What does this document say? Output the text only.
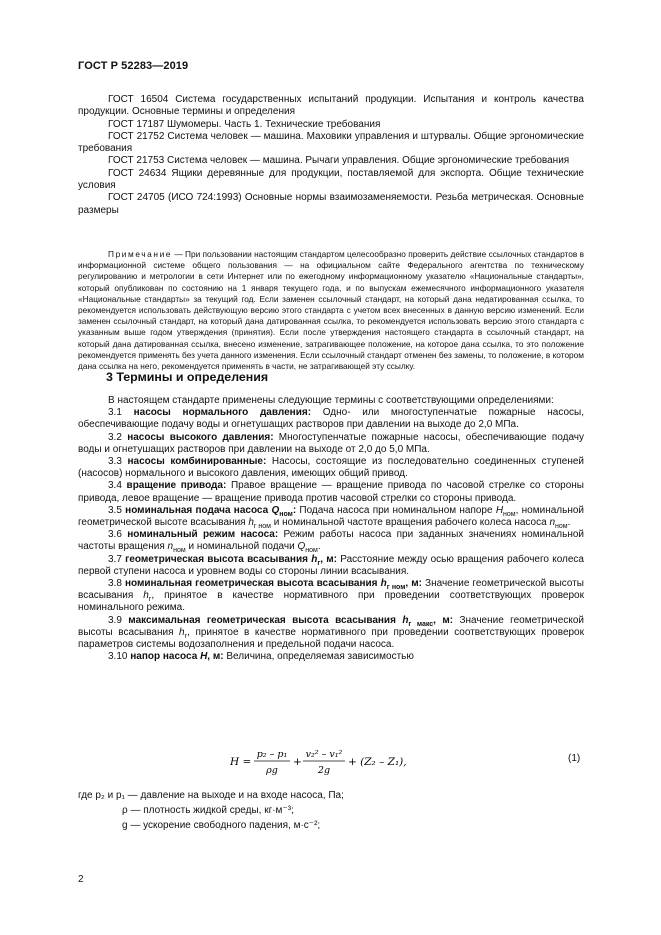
ГОСТ Р 52283—2019
ГОСТ 16504 Система государственных испытаний продукции. Испытания и контроль качества продукции. Основные термины и определения
ГОСТ 17187 Шумомеры. Часть 1. Технические требования
ГОСТ 21752 Система человек — машина. Маховики управления и штурвалы. Общие эргономические требования
ГОСТ 21753 Система человек — машина. Рычаги управления. Общие эргономические требования
ГОСТ 24634 Ящики деревянные для продукции, поставляемой для экспорта. Общие технические условия
ГОСТ 24705 (ИСО 724:1993) Основные нормы взаимозаменяемости. Резьба метрическая. Основные размеры
Примечание — При пользовании настоящим стандартом целесообразно проверить действие ссылочных стандартов в информационной системе общего пользования — на официальном сайте Федерального агентства по техническому регулированию и метрологии в сети Интернет или по ежегодному информационному указателю «Национальные стандарты», который опубликован по состоянию на 1 января текущего года, и по выпускам ежемесячного информационного указателя «Национальные стандарты» за текущий год. Если заменен ссылочный стандарт, на который дана недатированная ссылка, то рекомендуется использовать действующую версию этого стандарта с учетом всех внесенных в данную версию изменений. Если заменен ссылочный стандарт, на который дана датированная ссылка, то рекомендуется использовать версию этого стандарта с указанным выше годом утверждения (принятия). Если после утверждения настоящего стандарта в ссылочный стандарт, на который дана датированная ссылка, внесено изменение, затрагивающее положение, на которое дана ссылка, то это положение рекомендуется применять без учета данного изменения. Если ссылочный стандарт отменен без замены, то положение, в котором дана ссылка на него, рекомендуется применять в части, не затрагивающей эту ссылку.
3 Термины и определения
В настоящем стандарте применены следующие термины с соответствующими определениями:
3.1 насосы нормального давления: Одно- или многоступенчатые пожарные насосы, обеспечивающие подачу воды и огнетушащих растворов при давлении на выходе до 2,0 МПа.
3.2 насосы высокого давления: Многоступенчатые пожарные насосы, обеспечивающие подачу воды и огнетушащих растворов при давлении на выходе от 2,0 до 5,0 МПа.
3.3 насосы комбинированные: Насосы, состоящие из последовательно соединенных ступеней (насосов) нормального и высокого давления, имеющих общий привод.
3.4 вращение привода: Правое вращение — вращение привода по часовой стрелке со стороны привода, левое вращение — вращение привода против часовой стрелки со стороны привода.
3.5 номинальная подача насоса $Q_{ном}$: Подача насоса при номинальном напоре $H_{ном}$, номинальной геометрической высоте всасывания $h_{г ном}$ и номинальной частоте вращения рабочего колеса насоса $n_{ном}$.
3.6 номинальный режим насоса: Режим работы насоса при заданных значениях номинальной частоты вращения $n_{ном}$ и номинальной подачи $Q_{ном}$.
3.7 геометрическая высота всасывания $h_г$, м: Расстояние между осью вращения рабочего колеса первой ступени насоса и уровнем воды со стороны линии всасывания.
3.8 номинальная геометрическая высота всасывания $h_{г ном}$, м: Значение геометрической высоты всасывания $h_г$, принятое в качестве нормативного при проведении соответствующих проверок номинального режима.
3.9 максимальная геометрическая высота всасывания $h_{г макс}$, м: Значение геометрической высоты всасывания $h_г$, принятое в качестве нормативного при проведении соответствующих проверок параметров системы водозаполнения и предельной подачи насоса.
3.10 напор насоса H, м: Величина, определяемая зависимостью
H =
p₂ – p₁
ρg
+
v₂² – v₁²
2g
+ (Z₂ – Z₁),	(1)
где p₂ и p₁ — давление на выходе и на входе насоса, Па;
ρ — плотность жидкой среды, кг·м⁻³;
g — ускорение свободного падения, м·с⁻²;
2
